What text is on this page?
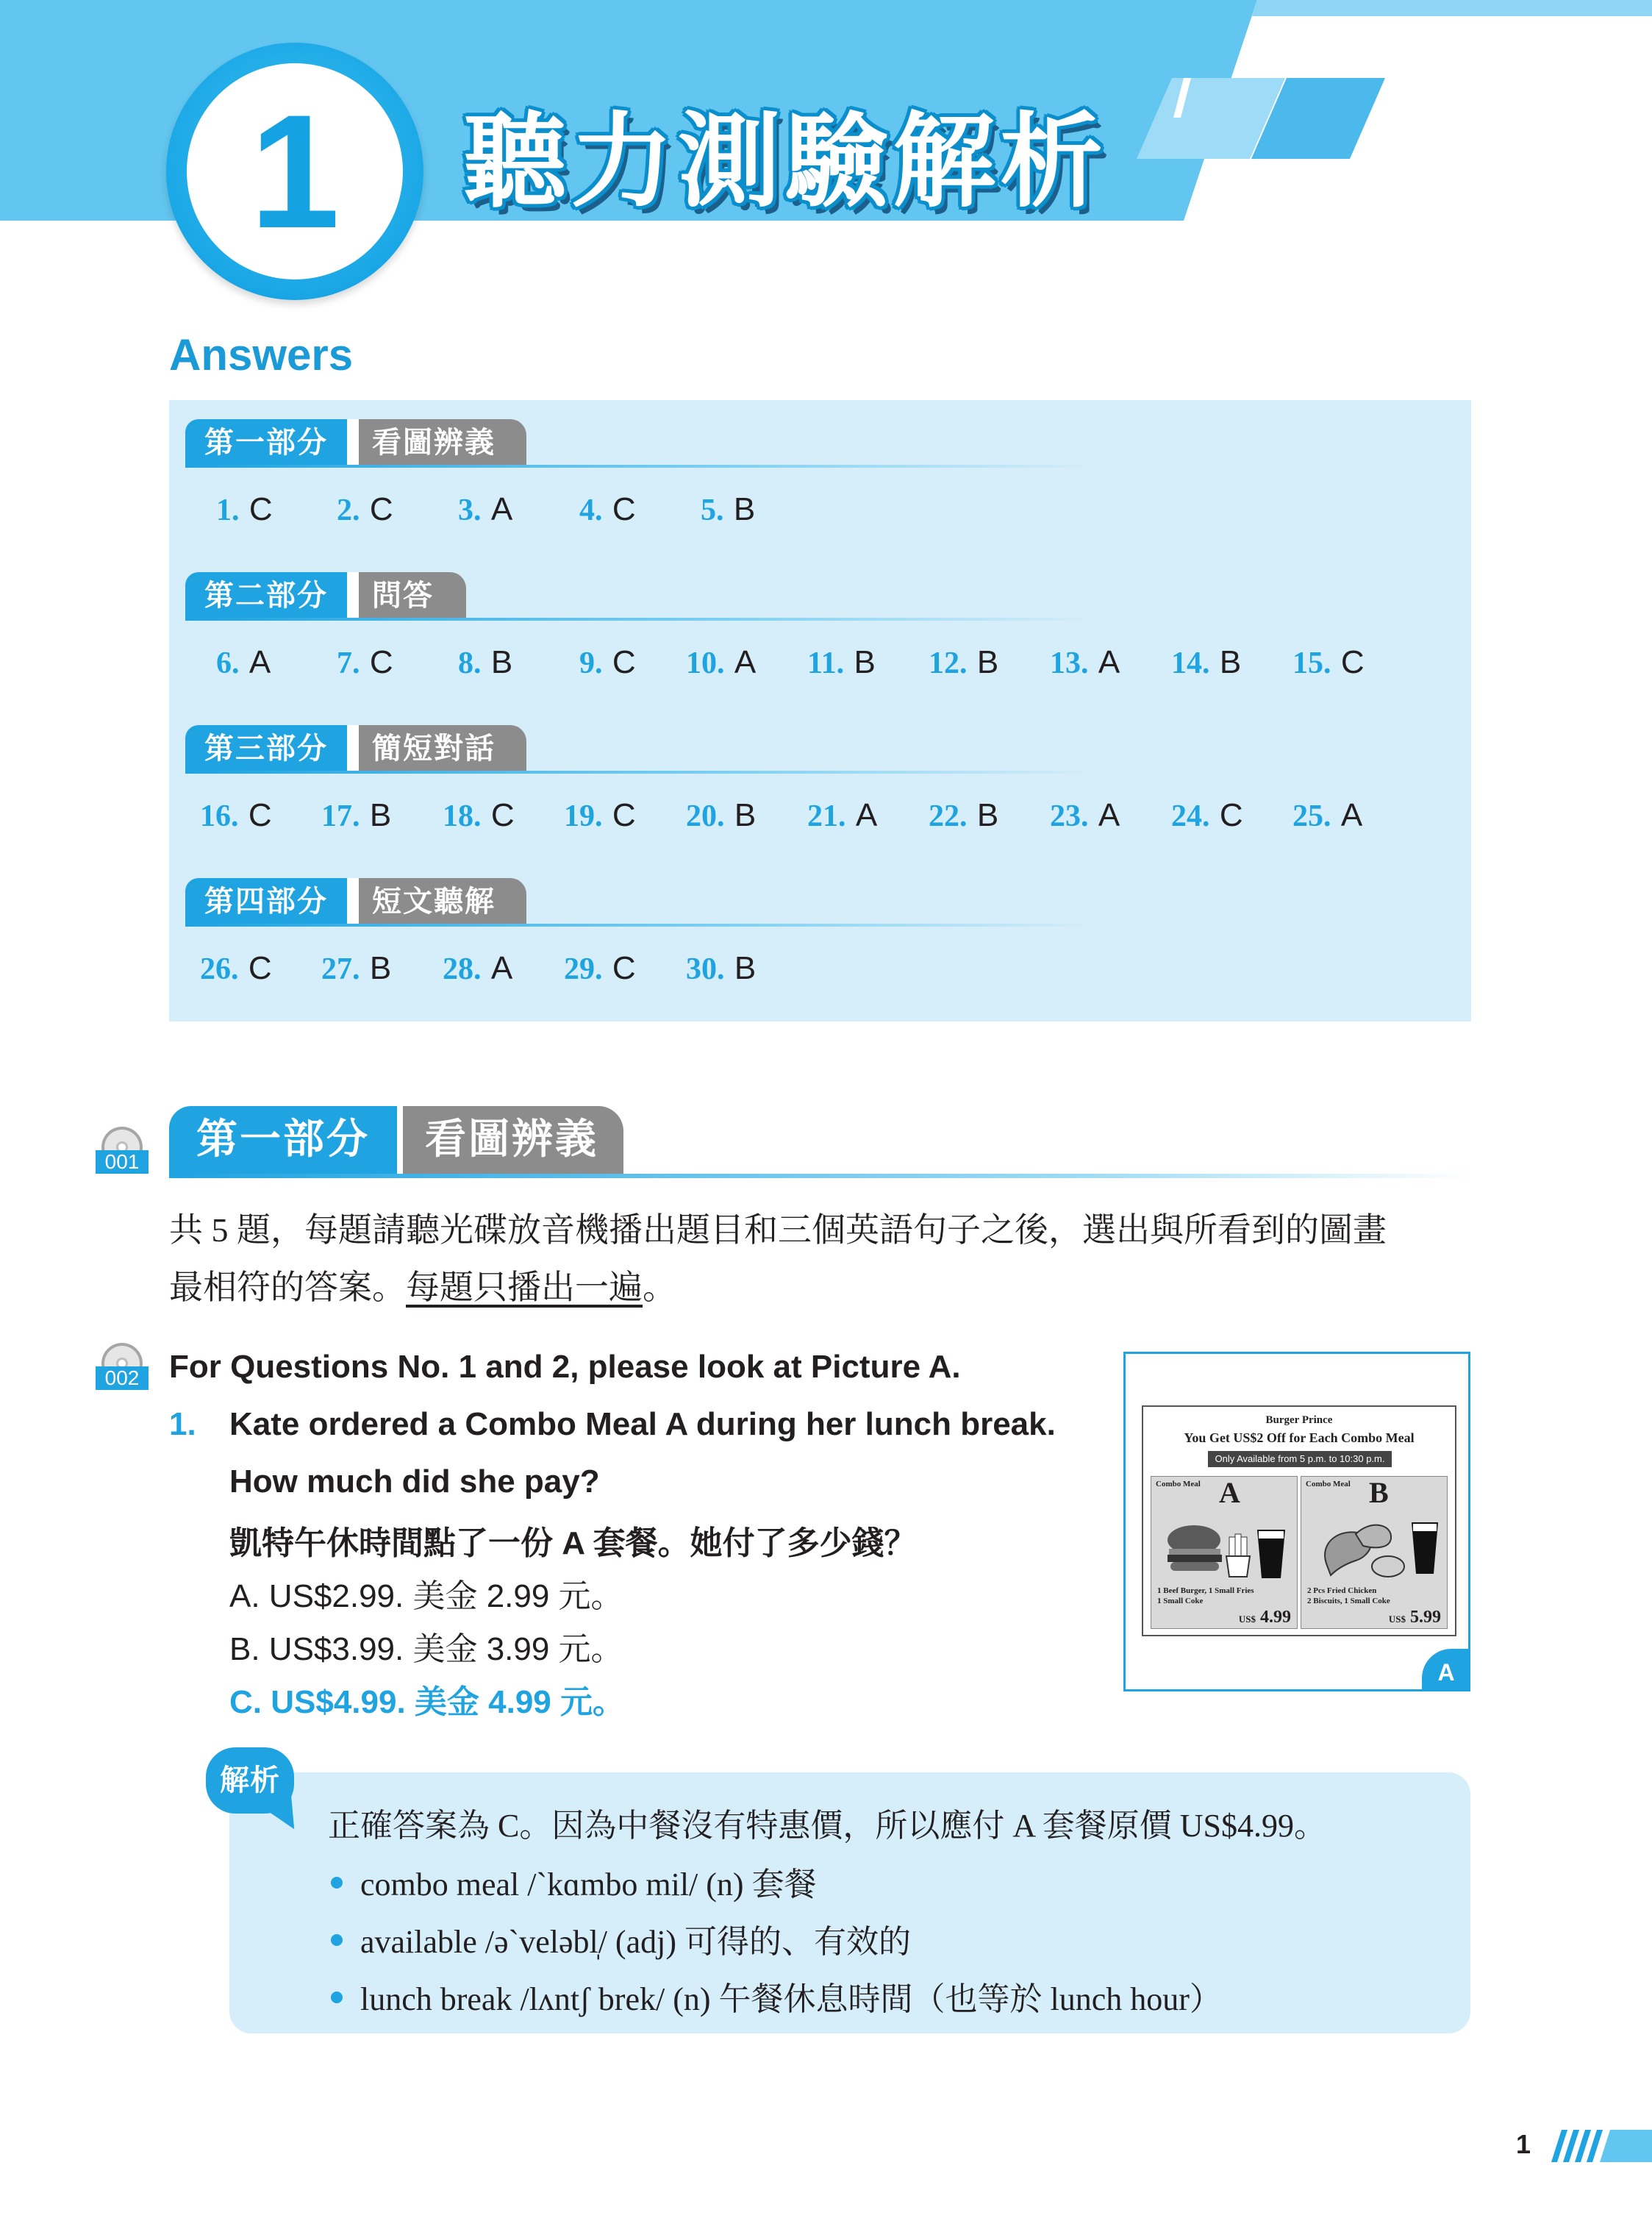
1	聽力測驗解析
Answers
第一部分	看圖辨義
1. C 2. C 3. A 4. C 5. B
第二部分	問答
6. A 7. C 8. B 9. C 10. A 11. B 12. B 13. A 14. B 15. C
第三部分	簡短對話
16. C 17. B 18. C 19. C 20. B 21. A 22. B 23. A 24. C 25. A
第四部分	短文聽解
26. C 27. B 28. A 29. C 30. B
001	第一部分	看圖辨義
共 5 題，每題請聽光碟放音機播出題目和三個英語句子之後，選出與所看到的圖畫
最相符的答案。每題只播出一遍。
002 For Questions No. 1 and 2, please look at Picture A.
1. Kate ordered a Combo Meal A during her lunch break.
How much did she pay?
凱特午休時間點了一份 A 套餐。她付了多少錢？
A. US$2.99. 美金 2.99 元。
B. US$3.99. 美金 3.99 元。
C. US$4.99. 美金 4.99 元。
Burger Prince
You Get US$2 Off for Each Combo Meal
Only Available from 5 p.m. to 10:30 p.m.
Combo Meal A
1 Beef Burger, 1 Small Fries
1 Small Coke
US$ 4.99
Combo Meal B
2 Pcs Fried Chicken
2 Biscuits, 1 Small Coke
US$ 5.99
A
解析
正確答案為 C。因為中餐沒有特惠價，所以應付 A 套餐原價 US$4.99。
combo meal /ˋkɑmbo mil/ (n) 套餐
available /əˋveləbl̩/ (adj) 可得的、有效的
lunch break /lʌntʃ brek/ (n) 午餐休息時間（也等於 lunch hour）
1
